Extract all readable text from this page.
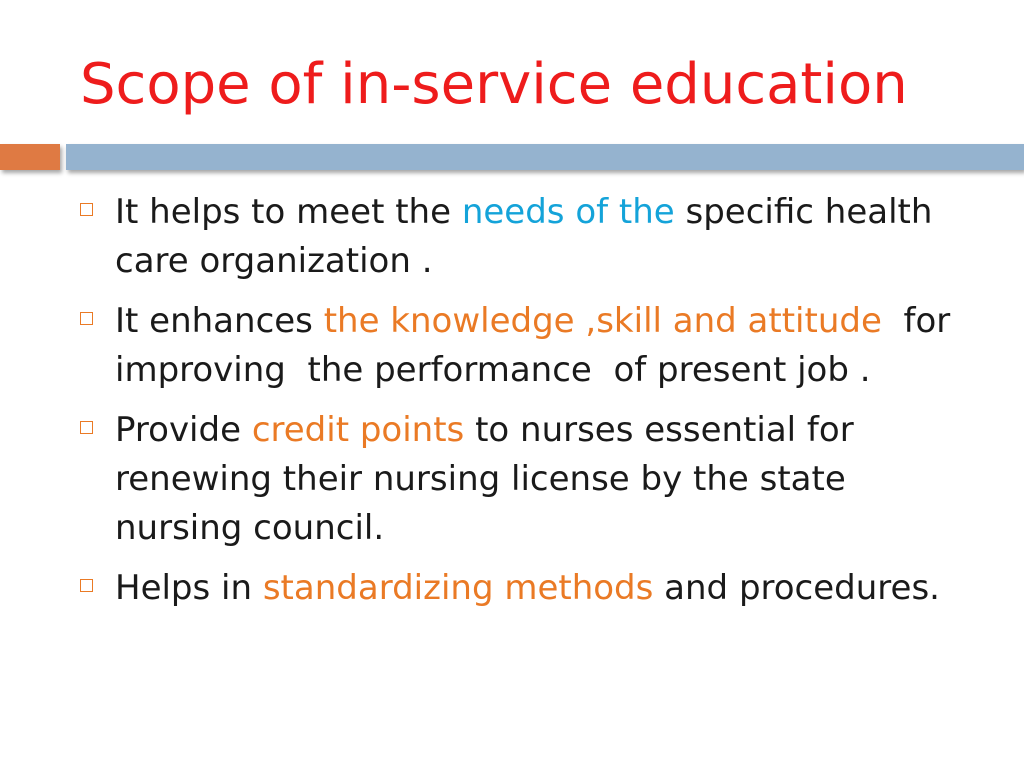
Scope of in-service education
It helps to meet the needs of the specific health care organization .
It enhances the knowledge ,skill and attitude  for improving  the performance  of present job .
Provide credit points to nurses essential for renewing their nursing license by the state nursing council.
Helps in standardizing methods and procedures.
